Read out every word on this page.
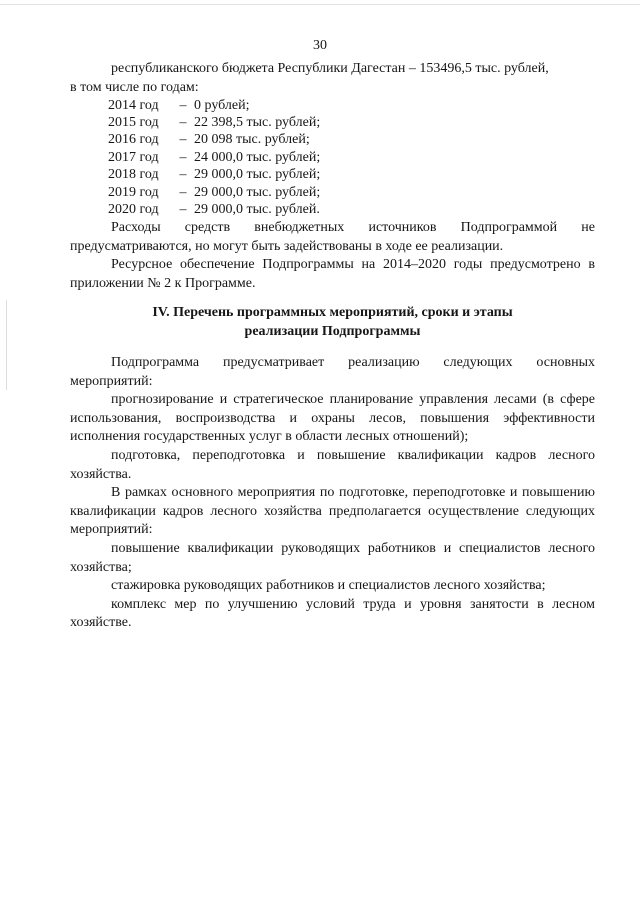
30

республиканского бюджета Республики Дагестан – 153496,5 тыс. рублей,

в том числе по годам:

2014 год	– 0 рублей;
2015 год	– 22 398,5 тыс. рублей;
2016 год	– 20 098 тыс. рублей;
2017 год	– 24 000,0 тыс. рублей;
2018 год	– 29 000,0 тыс. рублей;
2019 год	– 29 000,0 тыс. рублей;
2020 год	– 29 000,0 тыс. рублей.

Расходы средств внебюджетных источников Подпрограммой не предусматриваются, но могут быть задействованы в ходе ее реализации.

Ресурсное обеспечение Подпрограммы на 2014–2020 годы предусмотрено в приложении № 2 к Программе.

IV. Перечень программных мероприятий, сроки и этапы

реализации Подпрограммы

Подпрограмма предусматривает реализацию следующих основных мероприятий:

прогнозирование и стратегическое планирование управления лесами (в сфере использования, воспроизводства и охраны лесов, повышения эффективности исполнения государственных услуг в области лесных отношений);

подготовка, переподготовка и повышение квалификации кадров лесного хозяйства.

В рамках основного мероприятия по подготовке, переподготовке и повышению квалификации кадров лесного хозяйства предполагается осуществление следующих мероприятий:

повышение квалификации руководящих работников и специалистов лесного хозяйства;

стажировка руководящих работников и специалистов лесного хозяйства;

комплекс мер по улучшению условий труда и уровня занятости в лесном хозяйстве.
